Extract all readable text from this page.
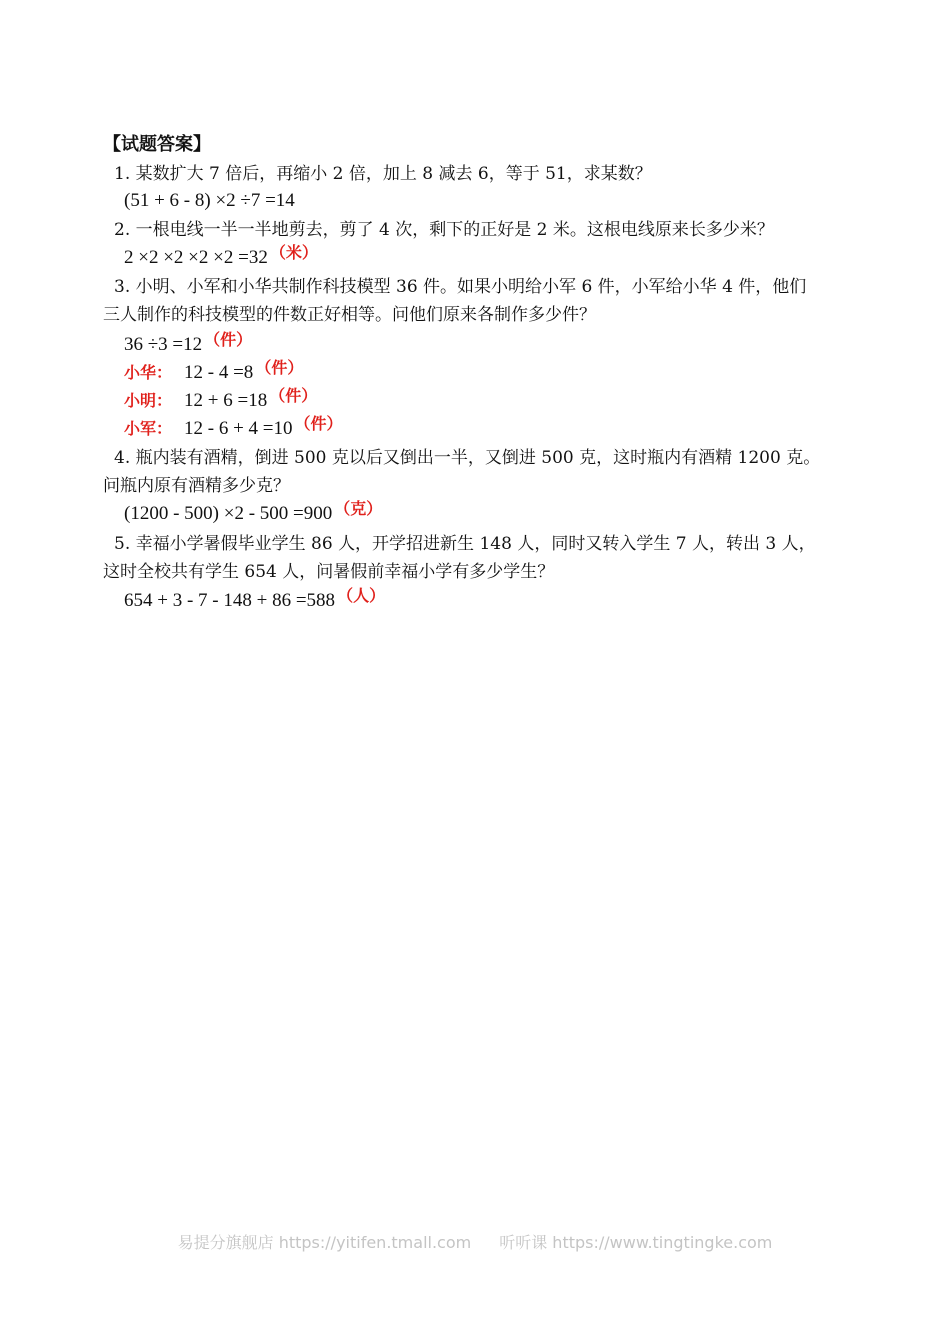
【试题答案】
1. 某数扩大 7 倍后，再缩小 2 倍，加上 8 减去 6，等于 51，求某数？
(51 + 6 - 8) ×2 ÷7 =14
2. 一根电线一半一半地剪去，剪了 4 次，剩下的正好是 2 米。这根电线原来长多少米？
2 ×2 ×2 ×2 ×2 =32 （米）
3. 小明、小军和小华共制作科技模型 36 件。如果小明给小军 6 件，小军给小华 4 件，他们
三人制作的科技模型的件数正好相等。问他们原来各制作多少件？
36 ÷3 =12 （件）
小华： 12 - 4 =8 （件）
小明： 12 + 6 =18 （件）
小军： 12 - 6 + 4 =10 （件）
4. 瓶内装有酒精，倒进 500 克以后又倒出一半，又倒进 500 克，这时瓶内有酒精 1200 克。
问瓶内原有酒精多少克？
(1200 - 500) ×2 - 500 =900 （克）
5. 幸福小学暑假毕业学生 86 人，开学招进新生 148 人，同时又转入学生 7 人，转出 3 人，
这时全校共有学生 654 人，问暑假前幸福小学有多少学生？
654 + 3 - 7 - 148 + 86 =588 （人）
易提分旗舰店 https://yitifen.tmall.com 听听课 https://www.tingtingke.com
